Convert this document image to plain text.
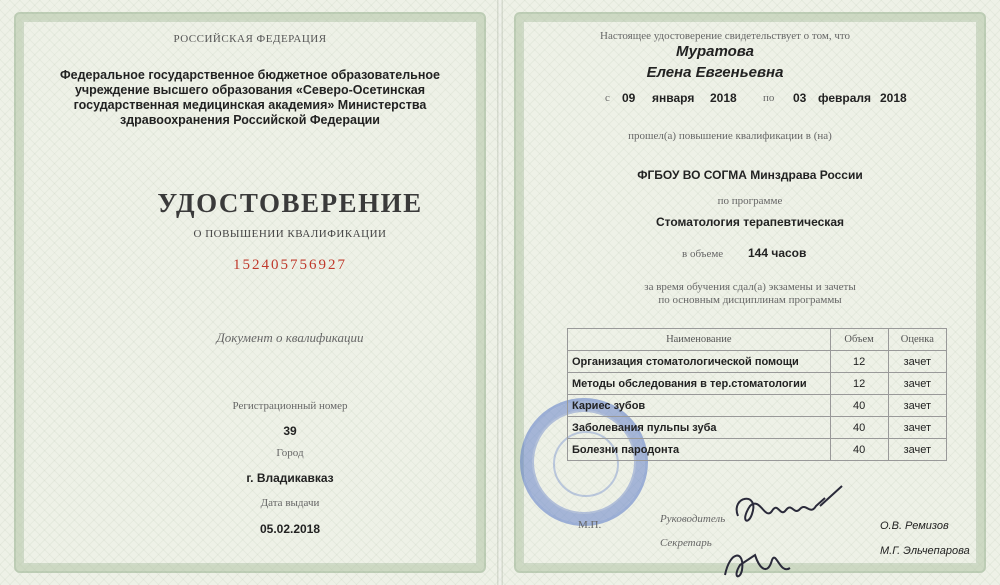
РОССИЙСКАЯ ФЕДЕРАЦИЯ
Федеральное государственное бюджетное образовательное
учреждение высшего образования «Северо-Осетинская
государственная медицинская академия» Министерства
здравоохранения Российской Федерации
УДОСТОВЕРЕНИЕ
О ПОВЫШЕНИИ КВАЛИФИКАЦИИ
152405756927
Документ о квалификации
Регистрационный номер
39
Город
г. Владикавказ
Дата выдачи
05.02.2018
Настоящее удостоверение свидетельствует о том, что
Муратова
Елена Евгеньевна
с 09 января 2018 по 03 февраля 2018
прошел(а) повышение квалификации в (на)
ФГБОУ ВО СОГМА Минздрава России
по программе
Стоматология терапевтическая
в объеме 144 часов
за время обучения сдал(а) экзамены и зачеты
по основным дисциплинам программы
Наименование	Объем	Оценка
Организация стоматологической помощи	12	зачет
Методы обследования в тер.стоматологии	12	зачет
Кариес зубов	40	зачет
Заболевания пульпы зуба	40	зачет
Болезни пародонта	40	зачет
М.П.	Руководитель
Секретарь
О.В. Ремизов
М.Г. Эльчепарова
